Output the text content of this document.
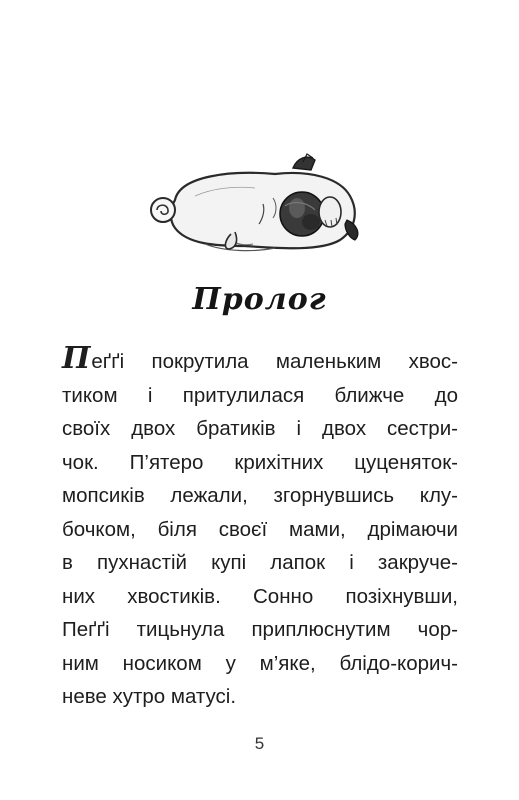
Пролог
Пеґґі покрутила маленьким хвос-
тиком і притулилася ближче до
своїх двох братиків і двох сестри-
чок. П’ятеро крихітних цуценяток-
мопсиків лежали, згорнувшись клу-
бочком, біля своєї мами, дрімаючи
в пухнастій купі лапок і закруче-
них хвостиків. Сонно позіхнувши,
Пеґґі тицьнула приплюснутим чор-
ним носиком у м’яке, блідо-корич-
неве хутро матусі.
5
